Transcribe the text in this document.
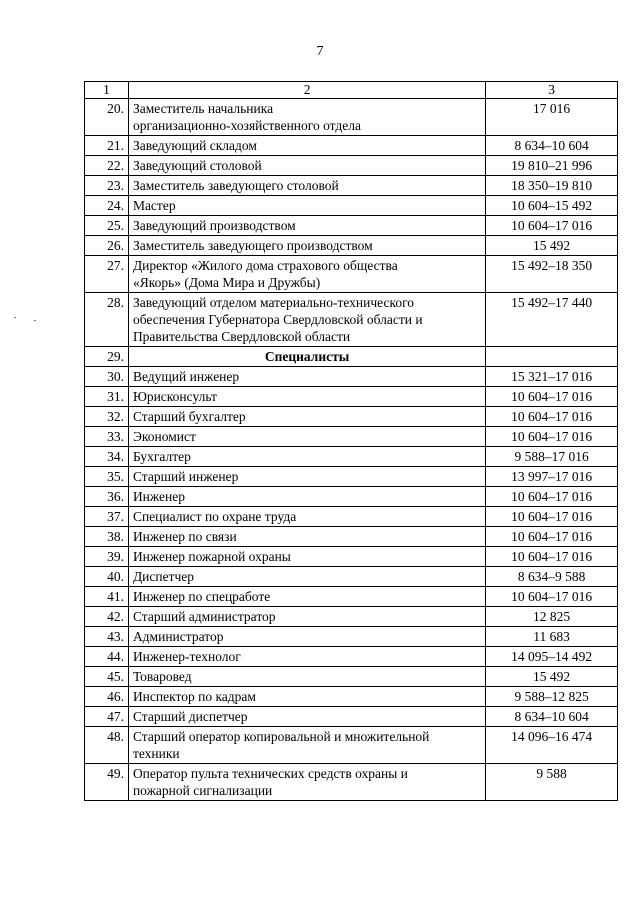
7
1	2	3
20.	Заместитель начальника
организационно-хозяйственного отдела	17 016
21.	Заведующий складом	8 634–10 604
22.	Заведующий столовой	19 810–21 996
23.	Заместитель заведующего столовой	18 350–19 810
24.	Мастер	10 604–15 492
25.	Заведующий производством	10 604–17 016
26.	Заместитель заведующего производством	15 492
27.	Директор «Жилого дома страхового общества
«Якорь» (Дома Мира и Дружбы)	15 492–18 350
28.	Заведующий отделом материально-технического
обеспечения Губернатора Свердловской области и
Правительства Свердловской области	15 492–17 440
29.	Специалисты	
30.	Ведущий инженер	15 321–17 016
31.	Юрисконсульт	10 604–17 016
32.	Старший бухгалтер	10 604–17 016
33.	Экономист	10 604–17 016
34.	Бухгалтер	9 588–17 016
35.	Старший инженер	13 997–17 016
36.	Инженер	10 604–17 016
37.	Специалист по охране труда	10 604–17 016
38.	Инженер по связи	10 604–17 016
39.	Инженер пожарной охраны	10 604–17 016
40.	Диспетчер	8 634–9 588
41.	Инженер по спецработе	10 604–17 016
42.	Старший администратор	12 825
43.	Администратор	11 683
44.	Инженер-технолог	14 095–14 492
45.	Товаровед	15 492
46.	Инспектор по кадрам	9 588–12 825
47.	Старший диспетчер	8 634–10 604
48.	Старший оператор копировальной и множительной
техники	14 096–16 474
49.	Оператор пульта технических средств охраны и
пожарной сигнализации	9 588
